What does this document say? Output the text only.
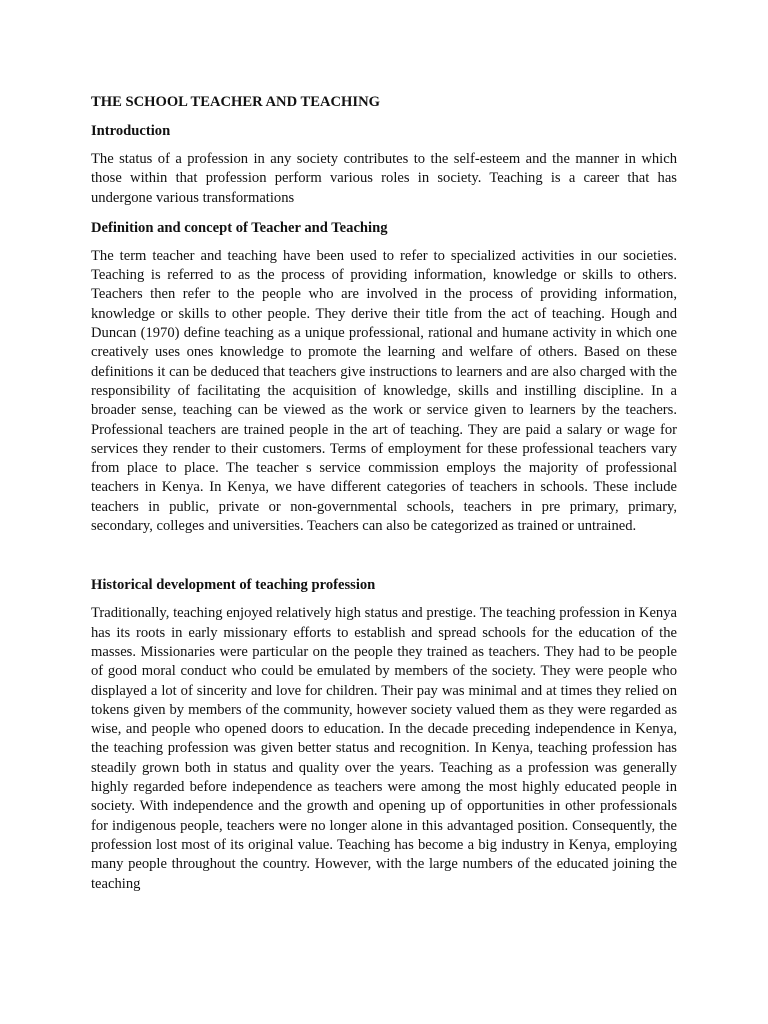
THE SCHOOL TEACHER AND TEACHING
Introduction

The status of a profession in any society contributes to the self-esteem and the manner in which those within that profession perform various roles in society. Teaching is a career that has undergone various transformations

Definition and concept of Teacher and Teaching

The term teacher and teaching have been used to refer to specialized activities in our societies. Teaching is referred to as the process of providing information, knowledge or skills to others. Teachers then refer to the people who are involved in the process of providing information, knowledge or skills to other people. They derive their title from the act of teaching. Hough and Duncan (1970) define teaching as a unique professional, rational and humane activity in which one creatively uses ones knowledge to promote the learning and welfare of others. Based on these definitions it can be deduced that teachers give instructions to learners and are also charged with the responsibility of facilitating the acquisition of knowledge, skills and instilling discipline. In a broader sense, teaching can be viewed as the work or service given to learners by the teachers. Professional teachers are trained people in the art of teaching. They are paid a salary or wage for services they render to their customers. Terms of employment for these professional teachers vary from place to place. The teacher s service commission employs the majority of professional teachers in Kenya. In Kenya, we have different categories of teachers in schools. These include teachers in public, private or non-governmental schools, teachers in pre primary, primary, secondary, colleges and universities. Teachers can also be categorized as trained or untrained.

Historical development of teaching profession

Traditionally, teaching enjoyed relatively high status and prestige. The teaching profession in Kenya has its roots in early missionary efforts to establish and spread schools for the education of the masses. Missionaries were particular on the people they trained as teachers. They had to be people of good moral conduct who could be emulated by members of the society. They were people who displayed a lot of sincerity and love for children. Their pay was minimal and at times they relied on tokens given by members of the community, however society valued them as they were regarded as wise, and people who opened doors to education. In the decade preceding independence in Kenya, the teaching profession was given better status and recognition. In Kenya, teaching profession has steadily grown both in status and quality over the years. Teaching as a profession was generally highly regarded before independence as teachers were among the most highly educated people in society. With independence and the growth and opening up of opportunities in other professionals for indigenous people, teachers were no longer alone in this advantaged position. Consequently, the profession lost most of its original value. Teaching has become a big industry in Kenya, employing many people throughout the country. However, with the large numbers of the educated joining the teaching
